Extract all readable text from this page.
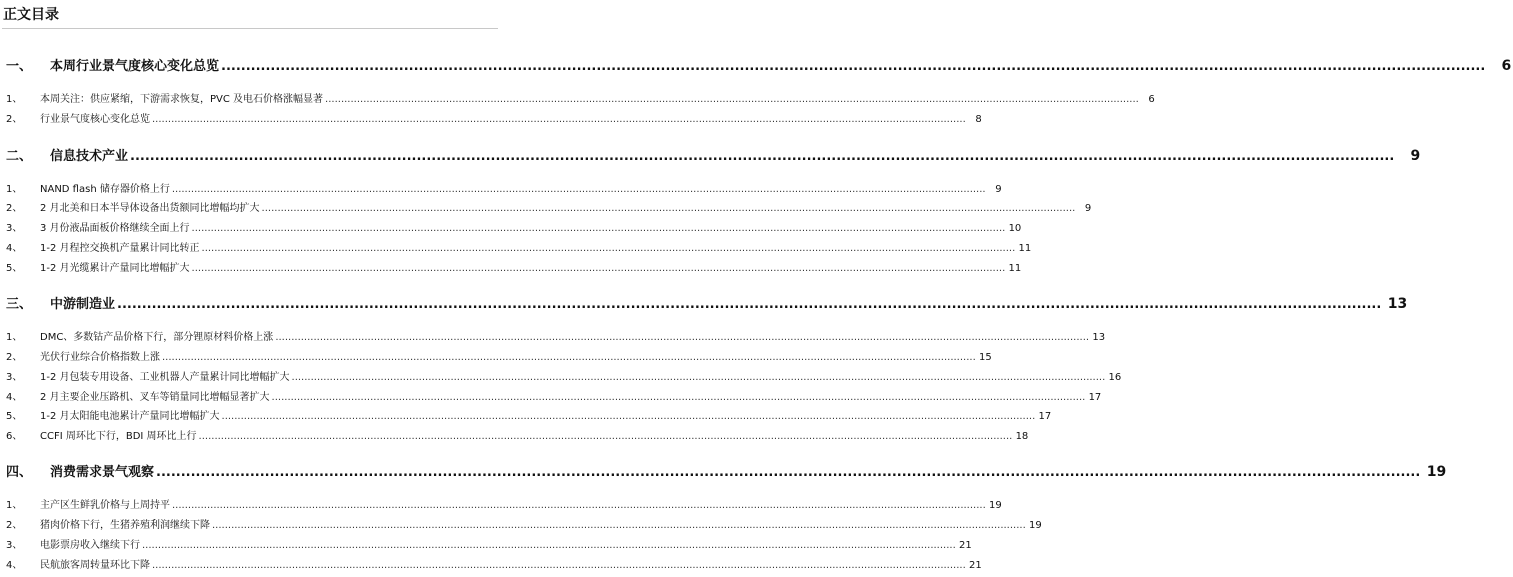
正文目录
一、	本周行业景气度核心变化总览 ................................................................................................................................................................................................................................................................	6
1、	本周关注：供应紧缩，下游需求恢复，PVC 及电石价格涨幅显著 ................................................................................................................................................................................................................................................................ 6
2、	行业景气度核心变化总览 ................................................................................................................................................................................................................................................................ 8
二、	信息技术产业 ................................................................................................................................................................................................................................................................	9
1、	NAND flash 储存器价格上行 ................................................................................................................................................................................................................................................................ 9
2、	2 月北美和日本半导体设备出货额同比增幅均扩大 ................................................................................................................................................................................................................................................................ 9
3、	3 月份液晶面板价格继续全面上行 ................................................................................................................................................................................................................................................................ 10
4、	1-2 月程控交换机产量累计同比转正 ................................................................................................................................................................................................................................................................ 11
5、	1-2 月光缆累计产量同比增幅扩大 ................................................................................................................................................................................................................................................................ 11
三、	中游制造业 ................................................................................................................................................................................................................................................................ 13
1、	DMC、多数钴产品价格下行，部分锂原材料价格上涨 ................................................................................................................................................................................................................................................................ 13
2、	光伏行业综合价格指数上涨 ................................................................................................................................................................................................................................................................ 15
3、	1-2 月包装专用设备、工业机器人产量累计同比增幅扩大 ................................................................................................................................................................................................................................................................ 16
4、	2 月主要企业压路机、叉车等销量同比增幅显著扩大 ................................................................................................................................................................................................................................................................ 17
5、	1-2 月太阳能电池累计产量同比增幅扩大 ................................................................................................................................................................................................................................................................ 17
6、	CCFI 周环比下行，BDI 周环比上行 ................................................................................................................................................................................................................................................................ 18
四、	消费需求景气观察 ................................................................................................................................................................................................................................................................ 19
1、	主产区生鲜乳价格与上周持平 ................................................................................................................................................................................................................................................................ 19
2、	猪肉价格下行，生猪养殖利润继续下降 ................................................................................................................................................................................................................................................................ 19
3、	电影票房收入继续下行 ................................................................................................................................................................................................................................................................ 21
4、	民航旅客周转量环比下降 ................................................................................................................................................................................................................................................................ 21
